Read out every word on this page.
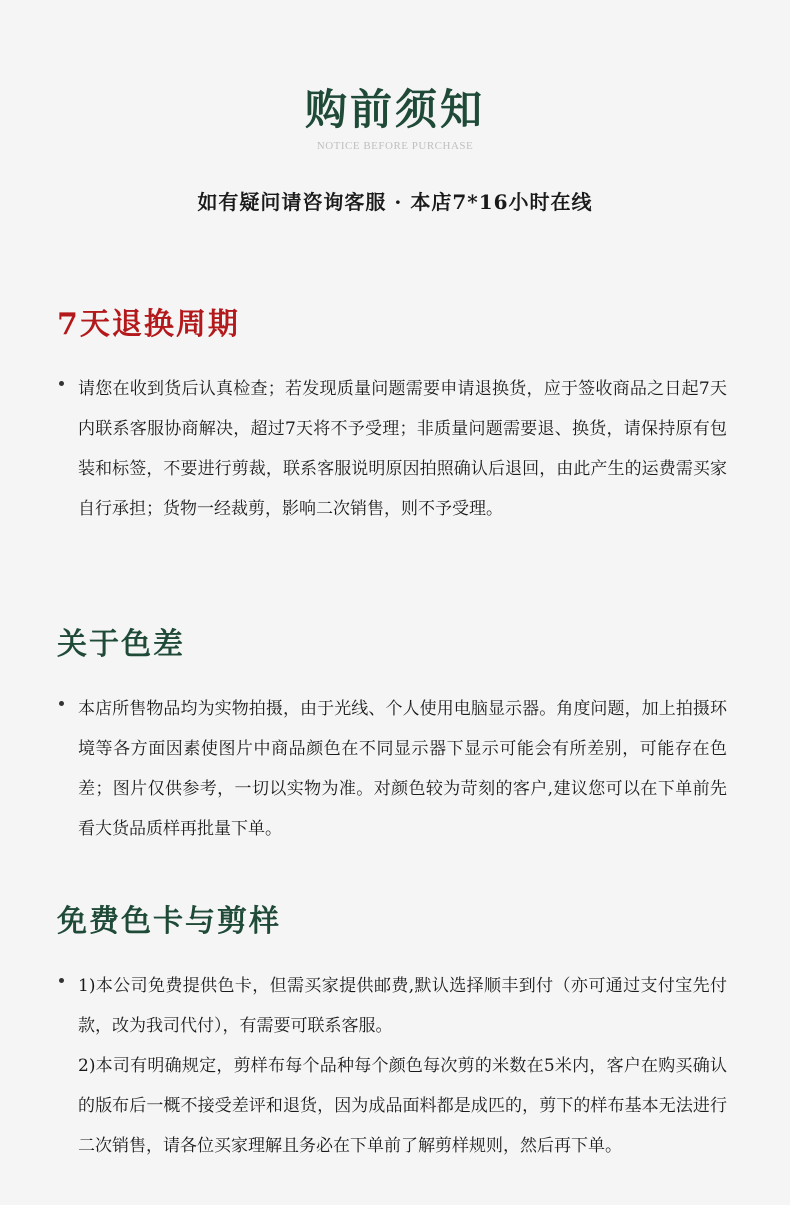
购前须知
NOTICE BEFORE PURCHASE
如有疑问请咨询客服 · 本店7*16小时在线
7天退换周期

请您在收到货后认真检查；若发现质量问题需要申请退换货，应于签收商品之日起7天内联系客服协商解决，超过7天将不予受理；非质量问题需要退、换货，请保持原有包装和标签，不要进行剪裁，联系客服说明原因拍照确认后退回，由此产生的运费需买家自行承担；货物一经裁剪，影响二次销售，则不予受理。

关于色差

本店所售物品均为实物拍摄，由于光线、个人使用电脑显示器。角度问题，加上拍摄环境等各方面因素使图片中商品颜色在不同显示器下显示可能会有所差别，可能存在色差；图片仅供参考，一切以实物为准。对颜色较为苛刻的客户,建议您可以在下单前先看大货品质样再批量下单。

免费色卡与剪样

1)本公司免费提供色卡，但需买家提供邮费,默认选择顺丰到付（亦可通过支付宝先付款，改为我司代付），有需要可联系客服。

2)本司有明确规定，剪样布每个品种每个颜色每次剪的米数在5米内，客户在购买确认的版布后一概不接受差评和退货，因为成品面料都是成匹的，剪下的样布基本无法进行二次销售，请各位买家理解且务必在下单前了解剪样规则，然后再下单。
